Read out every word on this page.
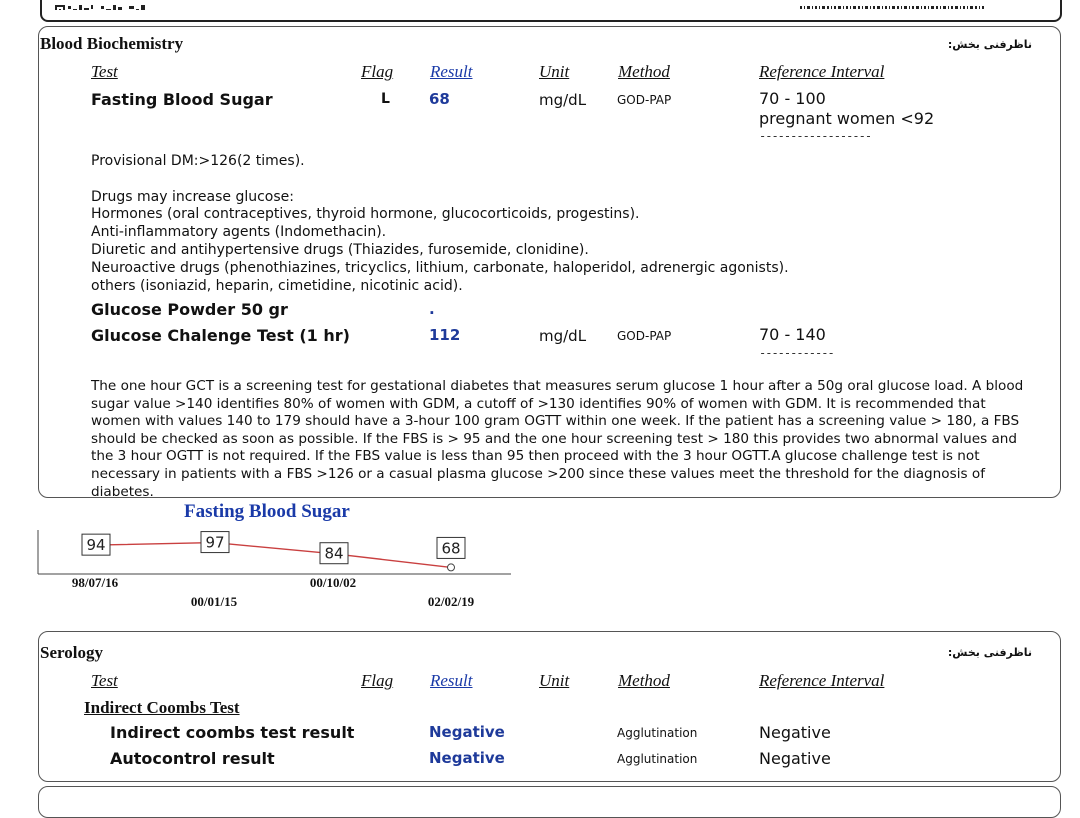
Blood Biochemistry	ناظرفنی بخش:
Test	Flag Result	Unit	Method	Reference Interval
Fasting Blood Sugar	L	68	mg/dL	GOD-PAP	70 - 100
pregnant women <92
------------------
Provisional DM:>126(2 times).
Drugs may increase glucose:
Hormones (oral contraceptives, thyroid hormone, glucocorticoids, progestins).
Anti-inflammatory agents (Indomethacin).
Diuretic and antihypertensive drugs (Thiazides, furosemide, clonidine).
Neuroactive drugs (phenothiazines, tricyclics, lithium, carbonate, haloperidol, adrenergic agonists).
others (isoniazid, heparin, cimetidine, nicotinic acid).
Glucose Powder 50 gr	.
Glucose Chalenge Test (1 hr)	112	mg/dL	GOD-PAP	70 - 140
------------
The one hour GCT is a screening test for gestational diabetes that measures serum glucose 1 hour after a 50g oral glucose load. A blood sugar value >140 identifies 80% of women with GDM, a cutoff of >130 identifies 90% of women with GDM. It is recommended that women with values 140 to 179 should have a 3-hour 100 gram OGTT within one week. If the patient has a screening value > 180, a FBS should be checked as soon as possible. If the FBS is > 95 and the one hour screening test > 180 this provides two abnormal values and the 3 hour OGTT is not required. If the FBS value is less than 95 then proceed with the 3 hour OGTT.A glucose challenge test is not necessary in patients with a FBS >126 or a casual plasma glucose >200 since these values meet the threshold for the diagnosis of diabetes.
Fasting Blood Sugar
94	97
84	68
98/07/16
00/01/15
00/10/02
02/02/19
Serology	ناظرفنی بخش:
Test	Flag Result	Unit	Method	Reference Interval
Indirect Coombs Test
Indirect coombs test result	Negative	Agglutination	Negative
Autocontrol result	Negative	Agglutination	Negative
